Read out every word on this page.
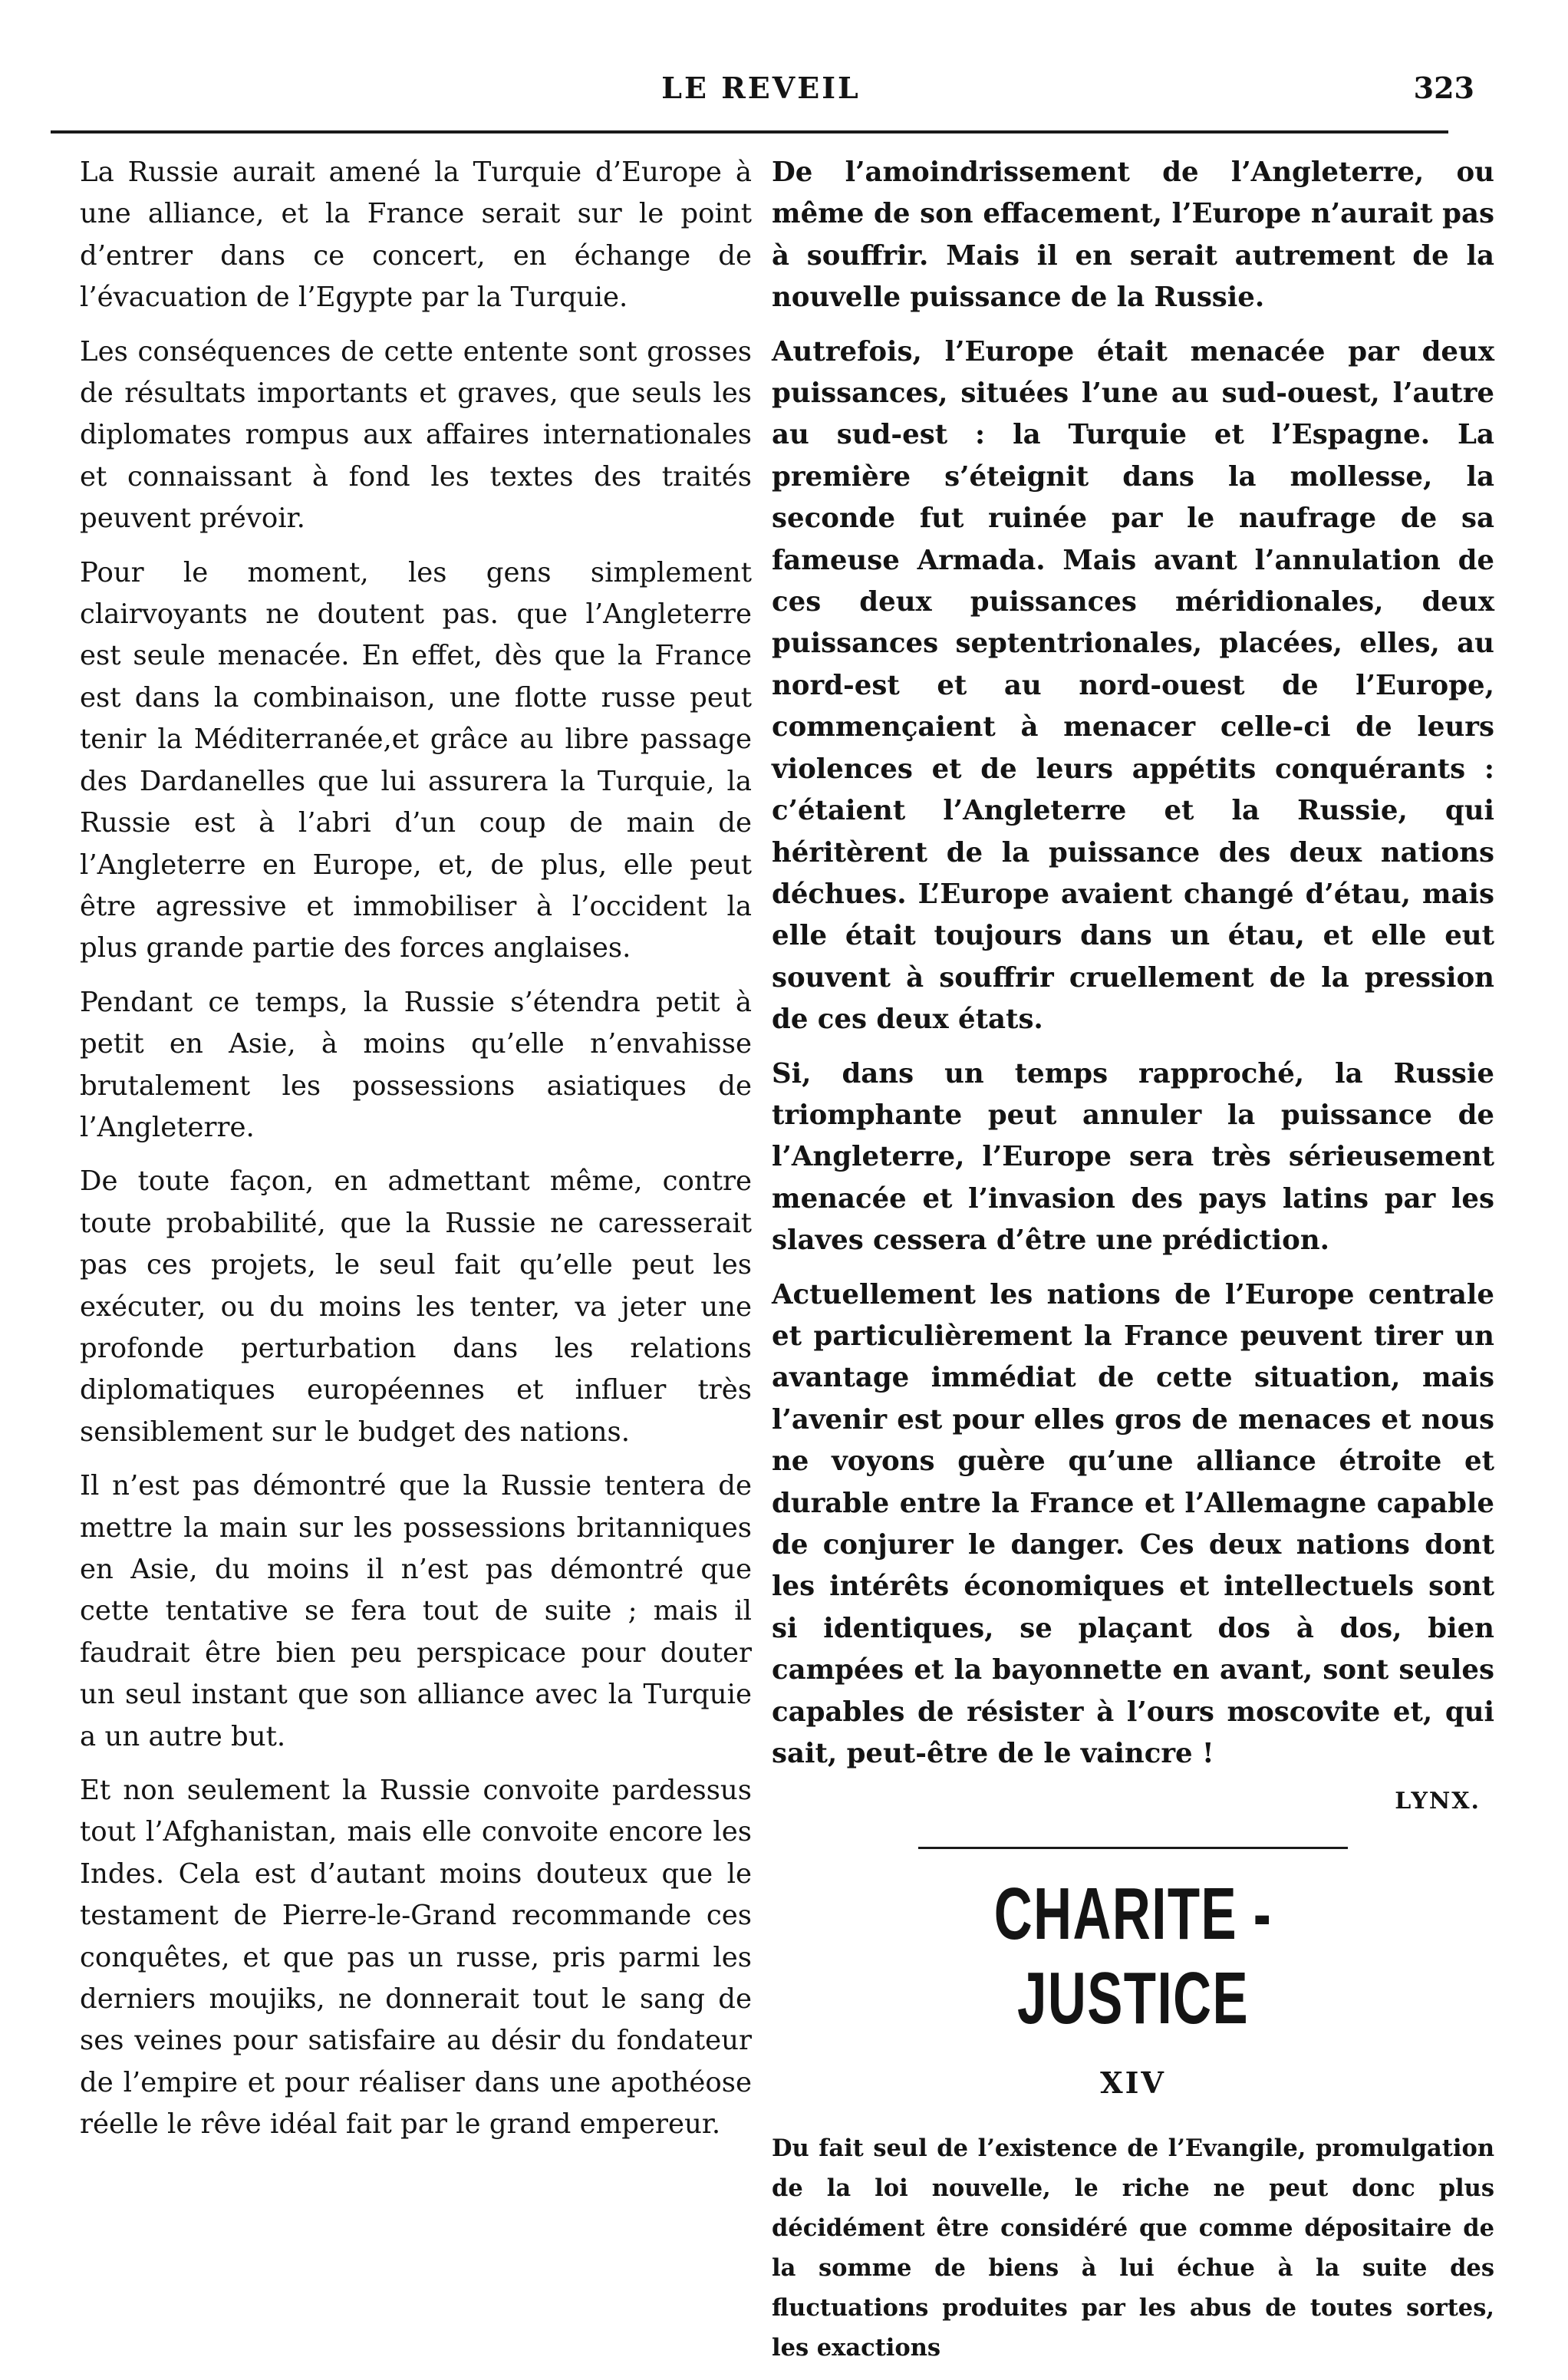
LE REVEIL	323

La Russie aurait amené la Turquie d’Europe à une alliance, et la France serait sur le point d’entrer dans ce concert, en échange de l’évacuation de l’Egypte par la Turquie.

Les conséquences de cette entente sont grosses de résultats importants et graves, que seuls les diplomates rompus aux affaires internationales et connaissant à fond les textes des traités peuvent prévoir.

Pour le moment, les gens simplement clairvoyants ne doutent pas. que l’Angleterre est seule menacée. En effet, dès que la France est dans la combinaison, une flotte russe peut tenir la Méditerranée,et grâce au libre passage des Dardanelles que lui assurera la Turquie, la Russie est à l’abri d’un coup de main de l’Angleterre en Europe, et, de plus, elle peut être agressive et immobiliser à l’occident la plus grande partie des forces anglaises.

Pendant ce temps, la Russie s’étendra petit à petit en Asie, à moins qu’elle n’envahisse brutalement les possessions asiatiques de l’Angleterre.

De toute façon, en admettant même, contre toute probabilité, que la Russie ne caresserait pas ces projets, le seul fait qu’elle peut les exécuter, ou du moins les tenter, va jeter une profonde perturbation dans les relations diplomatiques européennes et influer très sensiblement sur le budget des nations.

Il n’est pas démontré que la Russie tentera de mettre la main sur les possessions britanniques en Asie, du moins il n’est pas démontré que cette tentative se fera tout de suite ; mais il faudrait être bien peu perspicace pour douter un seul instant que son alliance avec la Turquie a un autre but.

Et non seulement la Russie convoite pardessus tout l’Afghanistan, mais elle convoite encore les Indes. Cela est d’autant moins douteux que le testament de Pierre-le-Grand recommande ces conquêtes, et que pas un russe, pris parmi les derniers moujiks, ne donnerait tout le sang de ses veines pour satisfaire au désir du fondateur de l’empire et pour réaliser dans une apothéose réelle le rêve idéal fait par le grand empereur.

De l’amoindrissement de l’Angleterre, ou même de son effacement, l’Europe n’aurait pas à souffrir. Mais il en serait autrement de la nouvelle puissance de la Russie.

Autrefois, l’Europe était menacée par deux puissances, situées l’une au sud-ouest, l’autre au sud-est : la Turquie et l’Espagne. La première s’éteignit dans la mollesse, la seconde fut ruinée par le naufrage de sa fameuse Armada. Mais avant l’annulation de ces deux puissances méridionales, deux puissances septentrionales, placées, elles, au nord-est et au nord-ouest de l’Europe, commençaient à menacer celle-ci de leurs violences et de leurs appétits conquérants : c’étaient l’Angleterre et la Russie, qui héritèrent de la puissance des deux nations déchues. L’Europe avaient changé d’étau, mais elle était toujours dans un étau, et elle eut souvent à souffrir cruellement de la pression de ces deux états.

Si, dans un temps rapproché, la Russie triomphante peut annuler la puissance de l’Angleterre, l’Europe sera très sérieusement menacée et l’invasion des pays latins par les slaves cessera d’être une prédiction.

Actuellement les nations de l’Europe centrale et particulièrement la France peuvent tirer un avantage immédiat de cette situation, mais l’avenir est pour elles gros de menaces et nous ne voyons guère qu’une alliance étroite et durable entre la France et l’Allemagne capable de conjurer le danger. Ces deux nations dont les intérêts économiques et intellectuels sont si identiques, se plaçant dos à dos, bien campées et la bayonnette en avant, sont seules capables de résister à l’ours moscovite et, qui sait, peut-être de le vaincre !

LYNX.
CHARITE - JUSTICE
XIV

Du fait seul de l’existence de l’Evangile, promulgation de la loi nouvelle, le riche ne peut donc plus décidément être considéré que comme dépositaire de la somme de biens à lui échue à la suite des fluctuations produites par les abus de toutes sortes, les exactions
